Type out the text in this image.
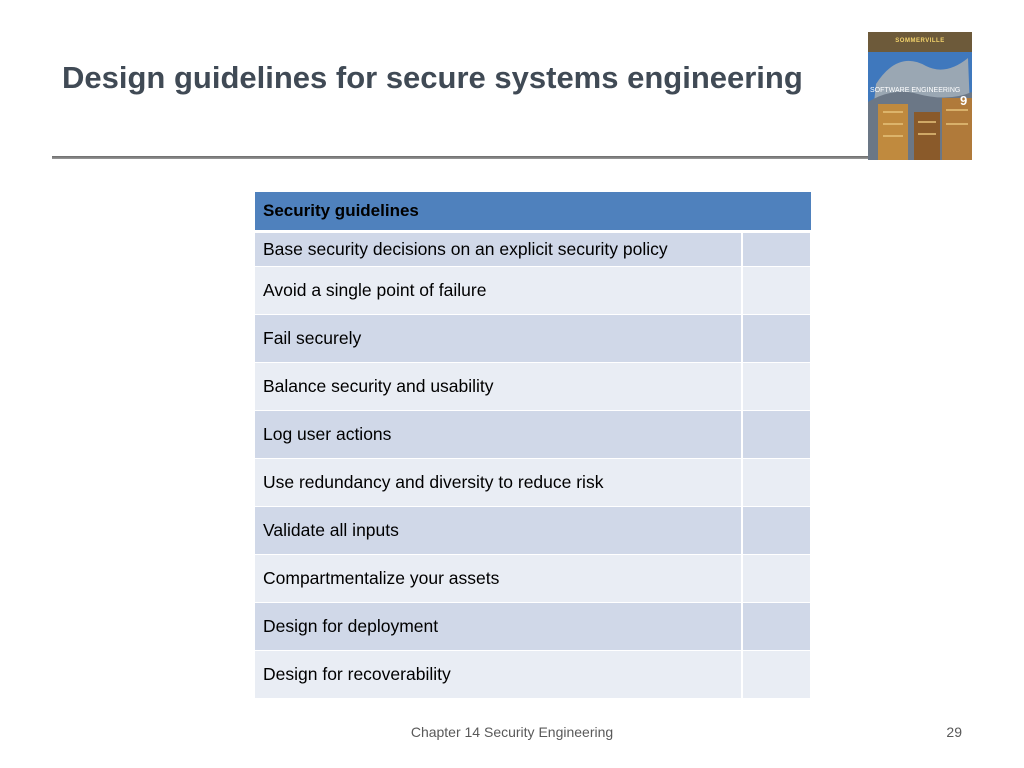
Design guidelines for secure systems engineering
SOMMERVILLE
SOFTWARE ENGINEERING
9
Security guidelines	
Base security decisions on an explicit security policy	
Avoid a single point of failure	
Fail securely	
Balance security and usability	
Log user actions	
Use redundancy and diversity to reduce risk	
Validate all inputs	
Compartmentalize your assets	
Design for deployment	
Design for recoverability	
Chapter 14 Security Engineering	29
